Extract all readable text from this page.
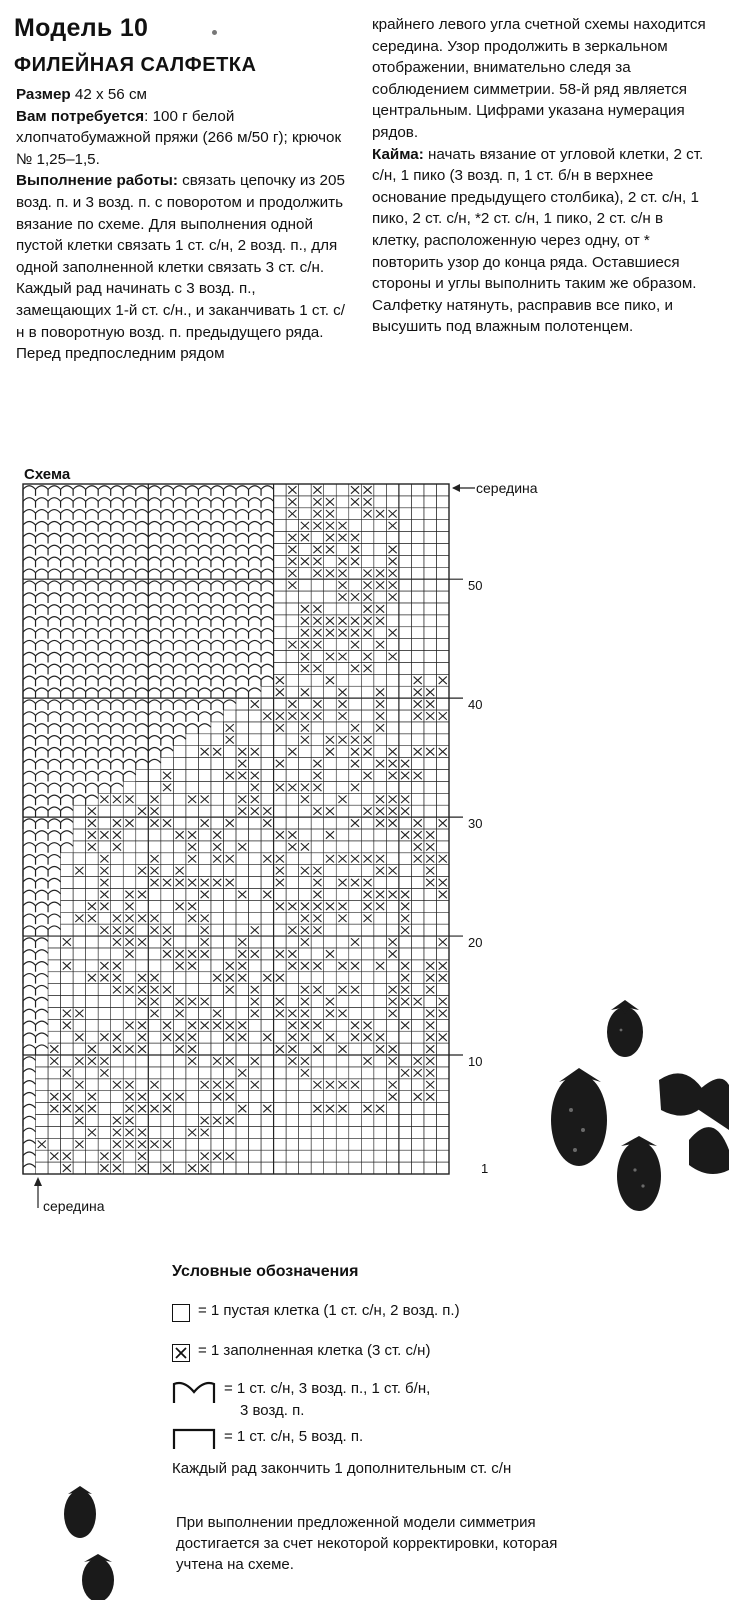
Модель 10
ФИЛЕЙНАЯ САЛФЕТКА

Размер 42 х 56 см

Вам потребуется: 100 г белой хлопчатобумажной пряжи (266 м/50 г); крючок № 1,25–1,5.

Выполнение работы: связать цепочку из 205 возд. п. и 3 возд. п. с поворотом и продолжить вязание по схеме. Для выполнения одной пустой клетки связать 1 ст. с/н, 2 возд. п., для одной заполненной клетки связать 3 ст. с/н. Каждый рад начинать с 3 возд. п., замещающих 1-й ст. с/н., и заканчивать 1 ст. с/н в поворотную возд. п. предыдущего ряда. Перед предпоследним рядом

крайнего левого угла счетной схемы находится середина. Узор продолжить в зеркальном отображении, внимательно следя за соблюдением симметрии. 58-й ряд является центральным. Цифрами указана нумерация рядов.

Кайма: начать вязание от угловой клетки, 2 ст. с/н, 1 пико (3 возд. п, 1 ст. б/н в верхнее основание предыдущего столбика), 2 ст. с/н, 1 пико, 2 ст. с/н, *2 ст. с/н, 1 пико, 2 ст. с/н в клетку, расположенную через одну, от * повторить узор до конца ряда. Оставшиеся стороны и углы выполнить таким же образом. Салфетку натянуть, расправив все пико, и высушить под влажным полотенцем.

Схема
50
40
30
20
10
1
середина
середина
Условные обозначения
= 1 пустая клетка (1 ст. с/н, 2 возд. п.)
= 1 заполненная клетка (3 ст. с/н)
= 1 ст. с/н, 3 возд. п., 1 ст. б/н,
3 возд. п.
= 1 ст. с/н, 5 возд. п.
Каждый рад закончить 1 дополнительным ст. с/н
При выполнении предложенной модели симметрия достигается за счет некоторой корректировки, которая учтена на схеме.
